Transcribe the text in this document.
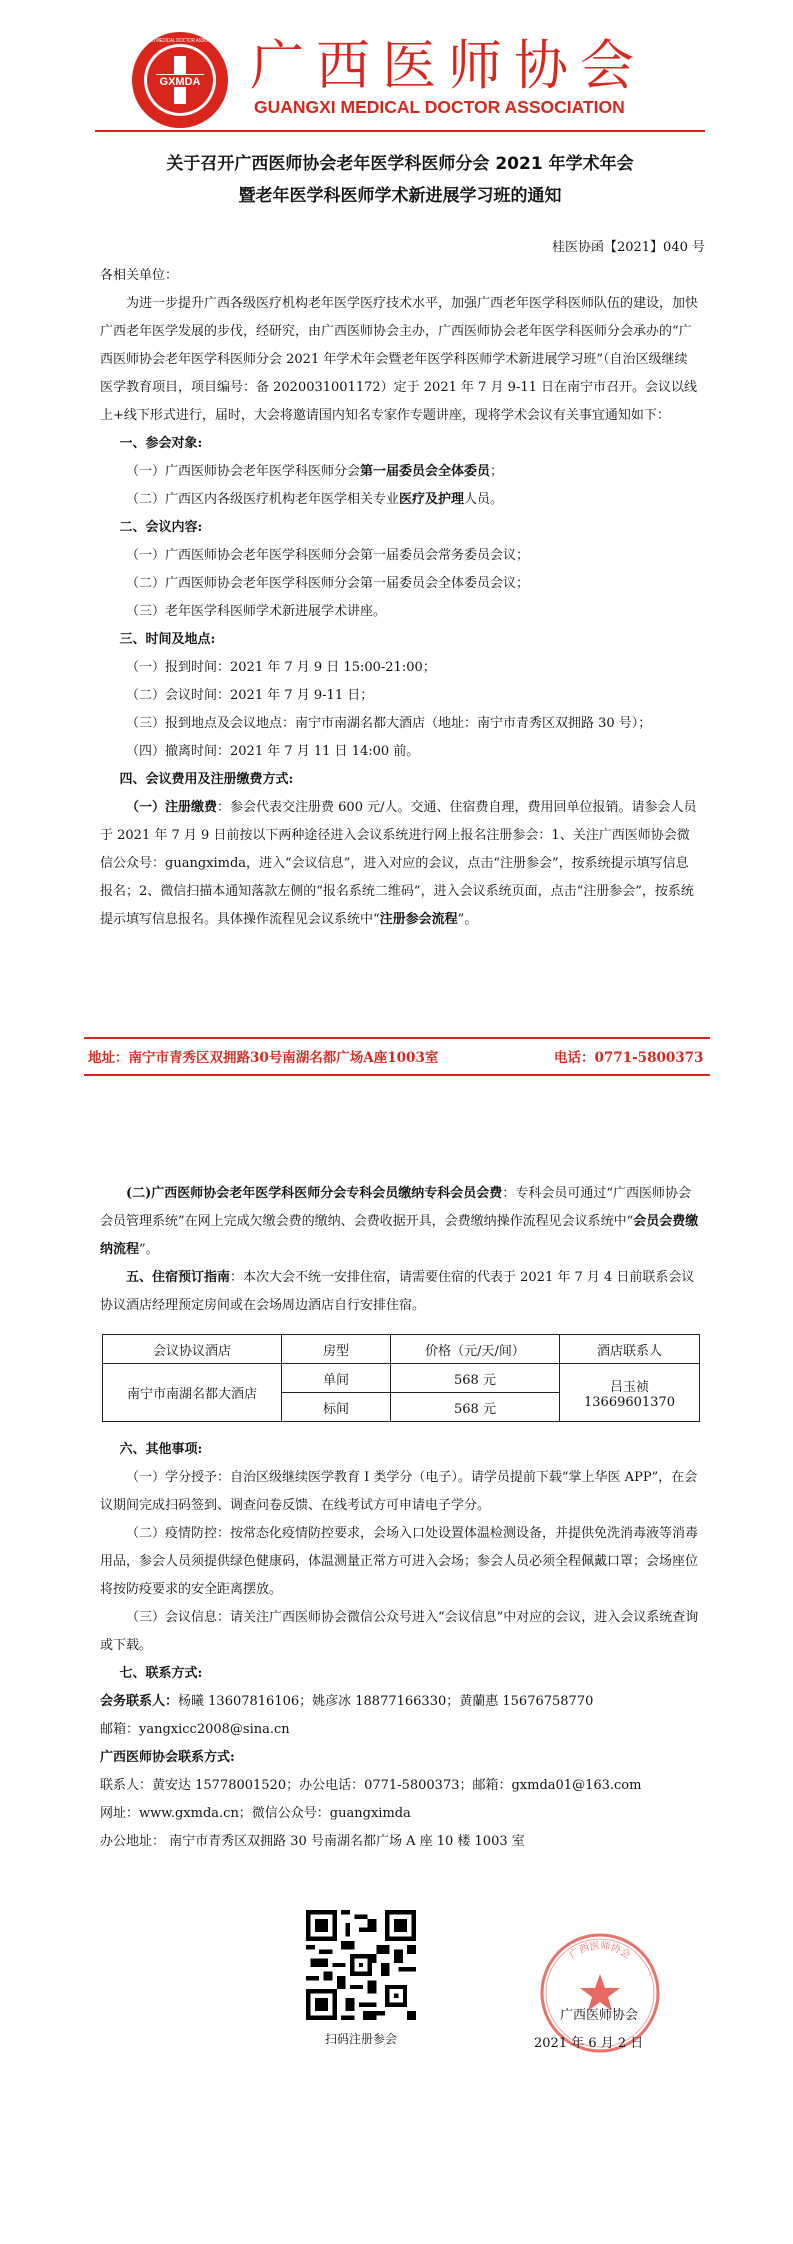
GXMDA
GUANGXI MEDICAL DOCTOR ASSOCIATION 广西医师协会
GUANGXI MEDICAL DOCTOR ASSOCIATION
关于召开广西医师协会老年医学科医师分会 2021 年学术年会
暨老年医学科医师学术新进展学习班的通知
桂医协函【2021】040 号

各相关单位：

为进一步提升广西各级医疗机构老年医学医疗技术水平，加强广西老年医学科医师队伍的建设，加快广西老年医学发展的步伐，经研究，由广西医师协会主办，广西医师协会老年医学科医师分会承办的“广西医师协会老年医学科医师分会 2021 年学术年会暨老年医学科医师学术新进展学习班”（自治区级继续医学教育项目，项目编号：备 2020031001172）定于 2021 年 7 月 9-11 日在南宁市召开。会议以线上+线下形式进行，届时，大会将邀请国内知名专家作专题讲座，现将学术会议有关事宜通知如下：

一、参会对象:

（一）广西医师协会老年医学科医师分会第一届委员会全体委员；

（二）广西区内各级医疗机构老年医学相关专业医疗及护理人员。

二、会议内容:

（一）广西医师协会老年医学科医师分会第一届委员会常务委员会议；

（二）广西医师协会老年医学科医师分会第一届委员会全体委员会议；

（三）老年医学科医师学术新进展学术讲座。

三、时间及地点:

（一）报到时间：2021 年 7 月 9 日 15:00-21:00；

（二）会议时间：2021 年 7 月 9-11 日；

（三）报到地点及会议地点：南宁市南湖名都大酒店（地址：南宁市青秀区双拥路 30 号）；

（四）撤离时间：2021 年 7 月 11 日 14:00 前。

四、会议费用及注册缴费方式:

（一）注册缴费：参会代表交注册费 600 元/人。交通、住宿费自理，费用回单位报销。请参会人员于 2021 年 7 月 9 日前按以下两种途径进入会议系统进行网上报名注册参会：1、关注广西医师协会微信公众号：guangximda，进入“会议信息”，进入对应的会议，点击“注册参会”，按系统提示填写信息报名；2、微信扫描本通知落款左侧的“报名系统二维码”，进入会议系统页面，点击“注册参会”，按系统提示填写信息报名。具体操作流程见会议系统中“注册参会流程”。

地址：南宁市青秀区双拥路30号南湖名都广场A座1003室	电话：0771-5800373

(二)广西医师协会老年医学科医师分会专科会员缴纳专科会员会费：专科会员可通过“广西医师协会会员管理系统”在网上完成欠缴会费的缴纳、会费收据开具，会费缴纳操作流程见会议系统中“会员会费缴纳流程”。

五、住宿预订指南：本次大会不统一安排住宿，请需要住宿的代表于 2021 年 7 月 4 日前联系会议协议酒店经理预定房间或在会场周边酒店自行安排住宿。

会议协议酒店	房型	价格（元/天/间）	酒店联系人
南宁市南湖名都大酒店	单间	568 元	吕玉祯
13669601370

	标间	568 元	

六、其他事项:

（一）学分授予：自治区级继续医学教育 I 类学分（电子）。请学员提前下载“掌上华医 APP”，在会议期间完成扫码签到、调查问卷反馈、在线考试方可申请电子学分。

（二）疫情防控：按常态化疫情防控要求，会场入口处设置体温检测设备，并提供免洗消毒液等消毒用品，参会人员须提供绿色健康码，体温测量正常方可进入会场；参会人员必须全程佩戴口罩；会场座位将按防疫要求的安全距离摆放。

（三）会议信息：请关注广西医师协会微信公众号进入“会议信息”中对应的会议，进入会议系统查询或下载。

七、联系方式:

会务联系人：杨曦 13607816106；姚彦冰 18877166330；黄蘭惠 15676758770

邮箱：yangxicc2008@sina.cn

广西医师协会联系方式:

联系人：黄安达 15778001520；办公电话：0771-5800373；邮箱：gxmda01@163.com

网址：www.gxmda.cn；微信公众号：guangximda

办公地址： 南宁市青秀区双拥路 30 号南湖名都广场 A 座 10 楼 1003 室

扫码注册参会
广西医师协会
广西医师协会
2021 年 6 月 2 日
